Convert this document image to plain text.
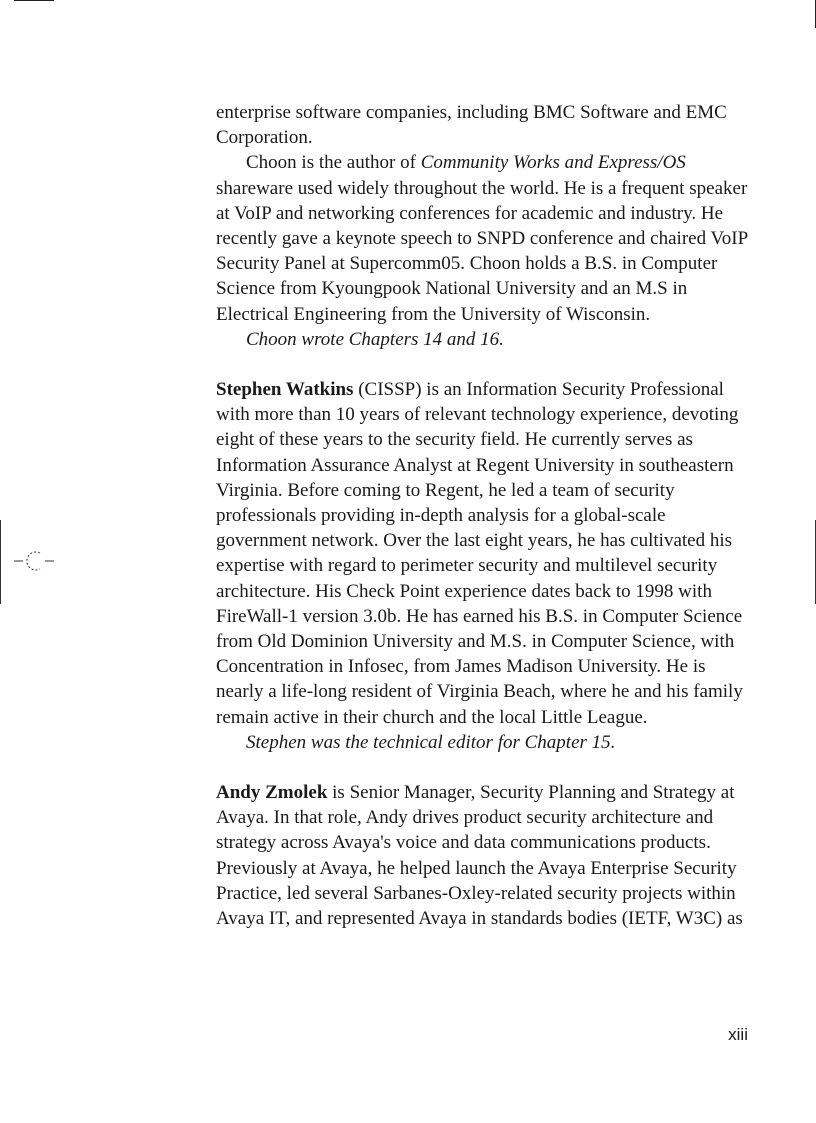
enterprise software companies, including BMC Software and EMC Corporation.

Choon is the author of Community Works and Express/OS shareware used widely throughout the world. He is a frequent speaker at VoIP and networking conferences for academic and industry. He recently gave a keynote speech to SNPD conference and chaired VoIP Security Panel at Supercomm05. Choon holds a B.S. in Computer Science from Kyoungpook National University and an M.S in Electrical Engineering from the University of Wisconsin.

Choon wrote Chapters 14 and 16.

Stephen Watkins (CISSP) is an Information Security Professional with more than 10 years of relevant technology experience, devoting eight of these years to the security field. He currently serves as Information Assurance Analyst at Regent University in southeastern Virginia. Before coming to Regent, he led a team of security professionals providing in-depth analysis for a global-scale government network. Over the last eight years, he has cultivated his expertise with regard to perimeter security and multilevel security architecture. His Check Point experience dates back to 1998 with FireWall-1 version 3.0b. He has earned his B.S. in Computer Science from Old Dominion University and M.S. in Computer Science, with Concentration in Infosec, from James Madison University. He is nearly a life-long resident of Virginia Beach, where he and his family remain active in their church and the local Little League.

Stephen was the technical editor for Chapter 15.

Andy Zmolek is Senior Manager, Security Planning and Strategy at Avaya. In that role, Andy drives product security architecture and strategy across Avaya's voice and data communications products. Previously at Avaya, he helped launch the Avaya Enterprise Security Practice, led several Sarbanes-Oxley-related security projects within Avaya IT, and represented Avaya in standards bodies (IETF, W3C) as

xiii
